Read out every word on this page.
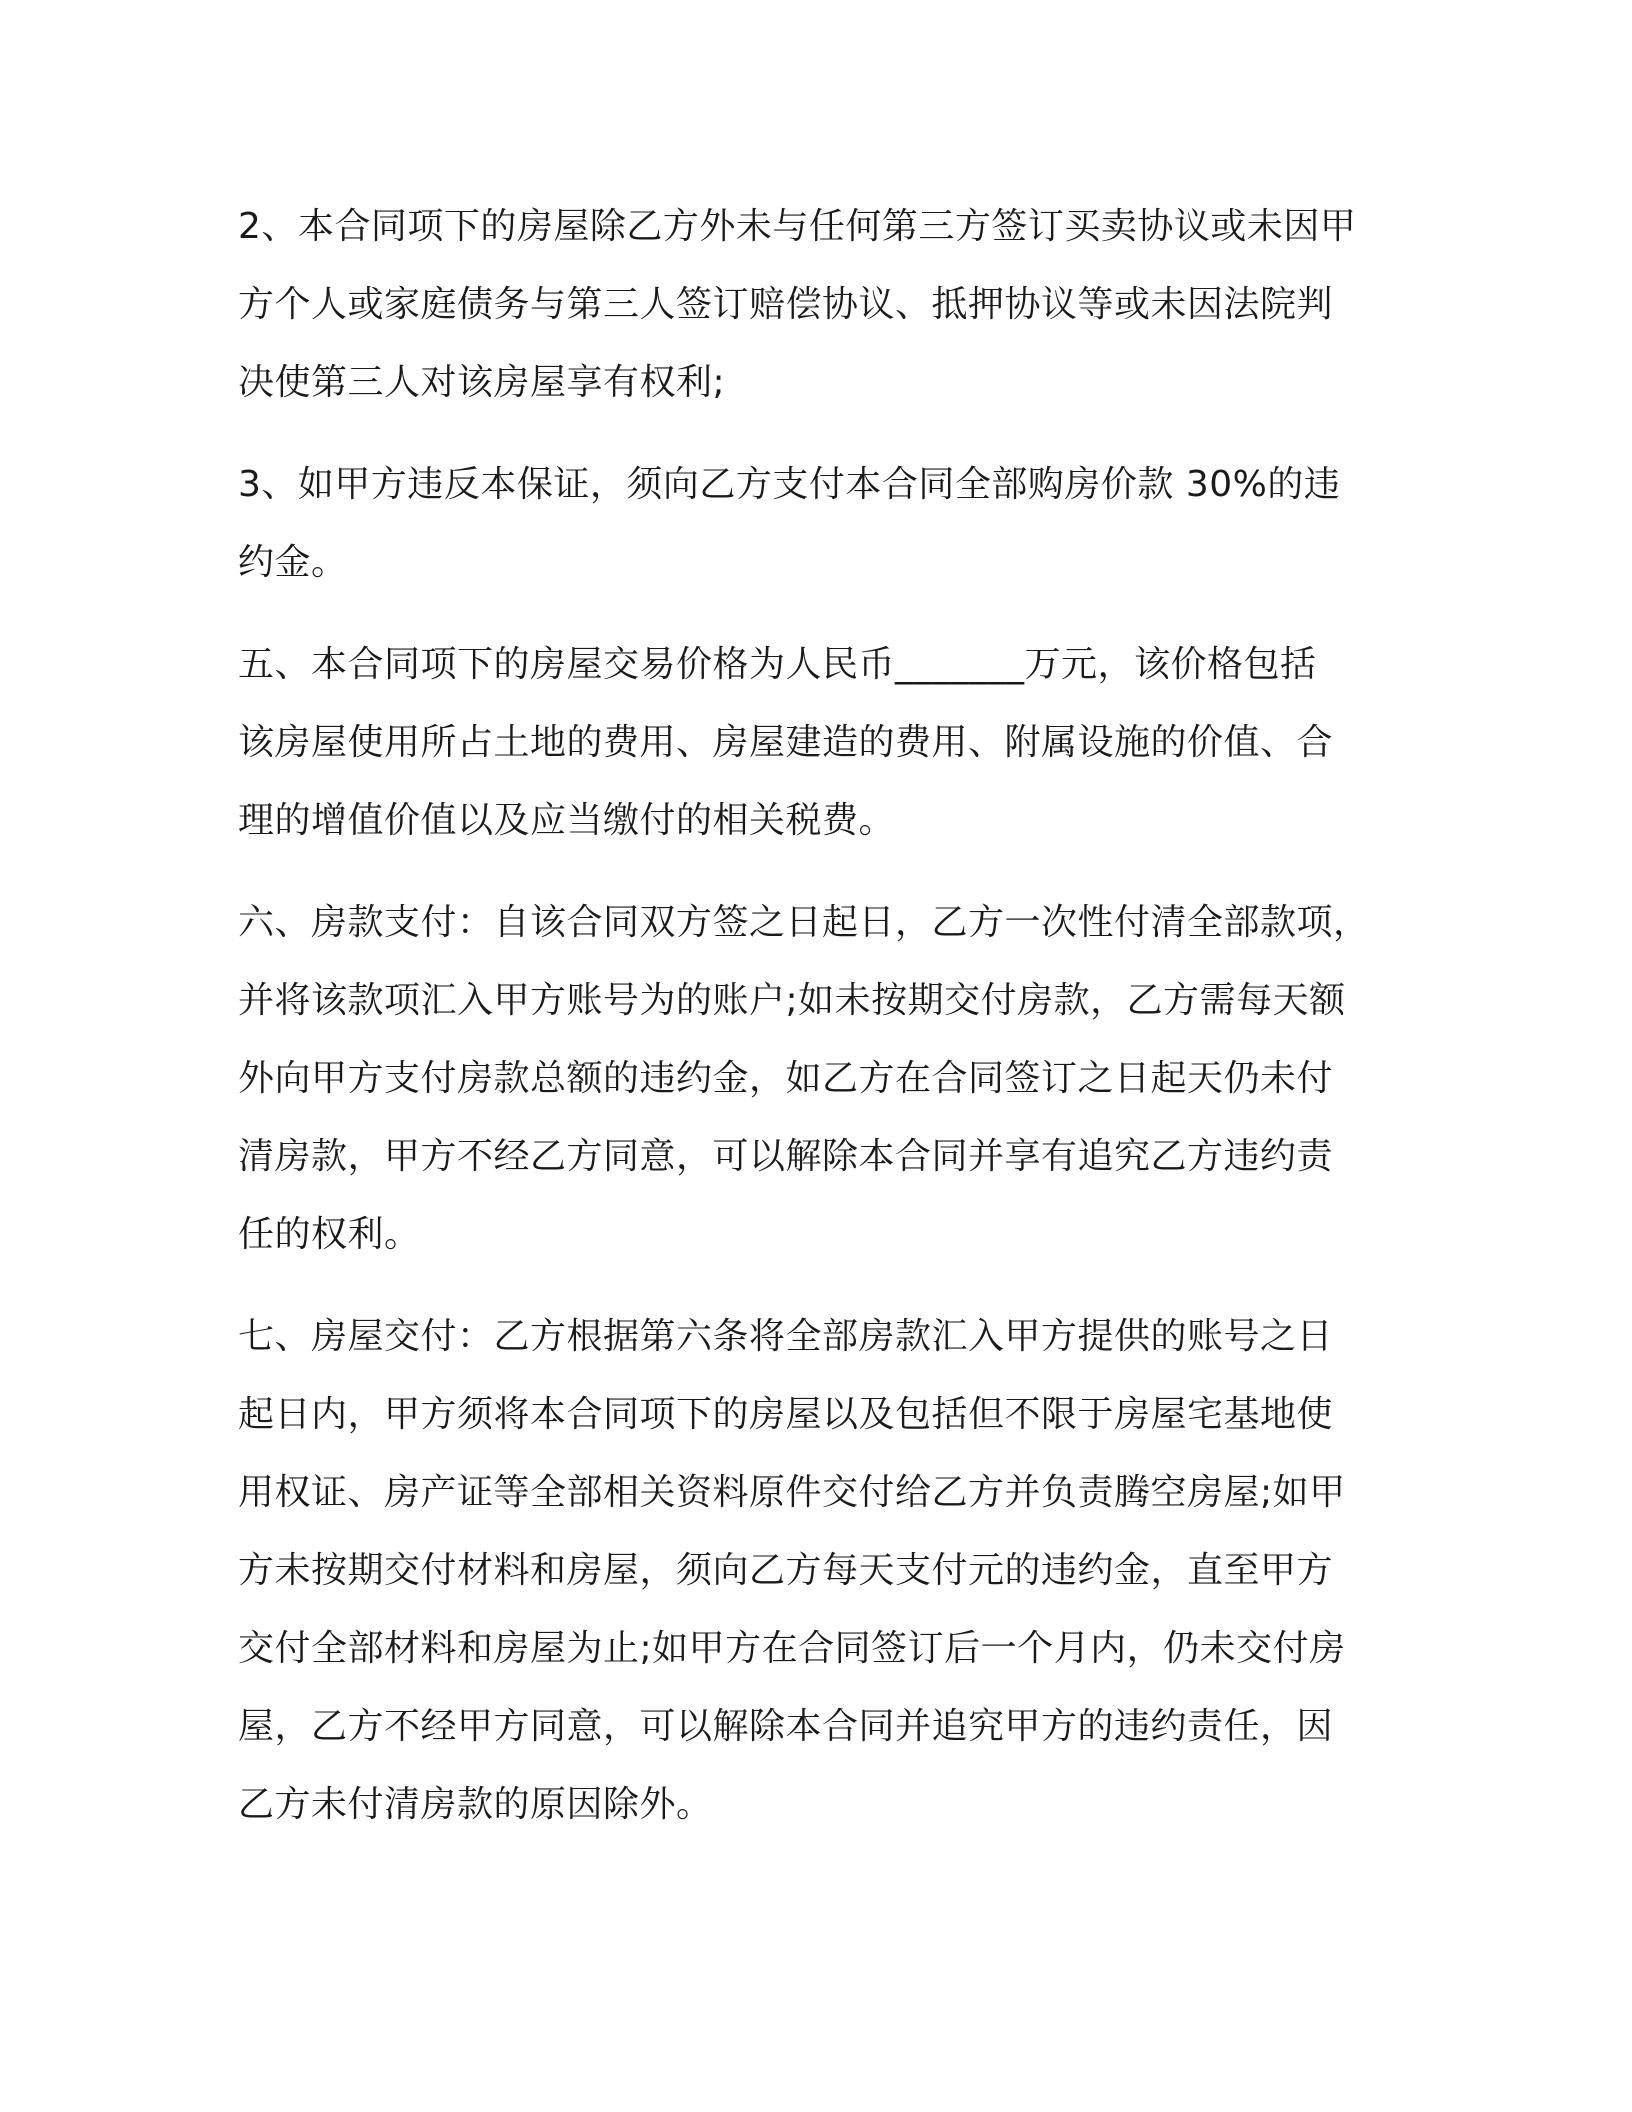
2、本合同项下的房屋除乙方外未与任何第三方签订买卖协议或未因甲
方个人或家庭债务与第三人签订赔偿协议、抵押协议等或未因法院判
决使第三人对该房屋享有权利;

3、如甲方违反本保证，须向乙方支付本合同全部购房价款 30%的违
约金。

五、本合同项下的房屋交易价格为人民币_______万元，该价格包括
该房屋使用所占土地的费用、房屋建造的费用、附属设施的价值、合
理的增值价值以及应当缴付的相关税费。

六、房款支付：自该合同双方签之日起日，乙方一次性付清全部款项，
并将该款项汇入甲方账号为的账户;如未按期交付房款，乙方需每天额
外向甲方支付房款总额的违约金，如乙方在合同签订之日起天仍未付
清房款，甲方不经乙方同意，可以解除本合同并享有追究乙方违约责
任的权利。

七、房屋交付：乙方根据第六条将全部房款汇入甲方提供的账号之日
起日内，甲方须将本合同项下的房屋以及包括但不限于房屋宅基地使
用权证、房产证等全部相关资料原件交付给乙方并负责腾空房屋;如甲
方未按期交付材料和房屋，须向乙方每天支付元的违约金，直至甲方
交付全部材料和房屋为止;如甲方在合同签订后一个月内，仍未交付房
屋，乙方不经甲方同意，可以解除本合同并追究甲方的违约责任，因
乙方未付清房款的原因除外。
